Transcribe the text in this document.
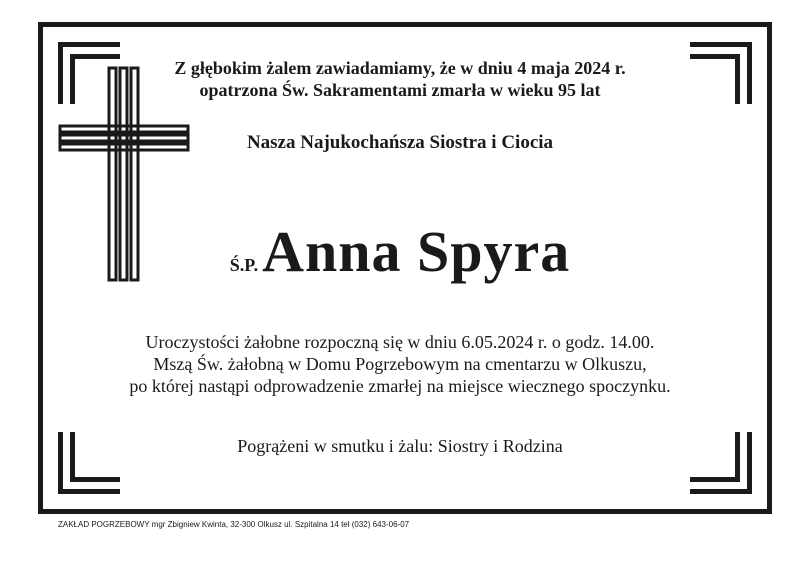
Z głębokim żalem zawiadamiamy, że w dniu 4 maja 2024 r.

opatrzona Św. Sakramentami zmarła w wieku 95 lat

Nasza Najukochańsza Siostra i Ciocia

Ś.P.Anna Spyra
Uroczystości żałobne rozpoczną się w dniu 6.05.2024 r. o godz. 14.00.
Mszą Św. żałobną w Domu Pogrzebowym na cmentarzu w Olkuszu,
po której nastąpi odprowadzenie zmarłej na miejsce wiecznego spoczynku.

Pogrążeni w smutku i żalu: Siostry i Rodzina

ZAKŁAD POGRZEBOWY mgr Zbigniew Kwinta, 32-300 Olkusz ul. Szpitalna 14 tel (032) 643-06-07
